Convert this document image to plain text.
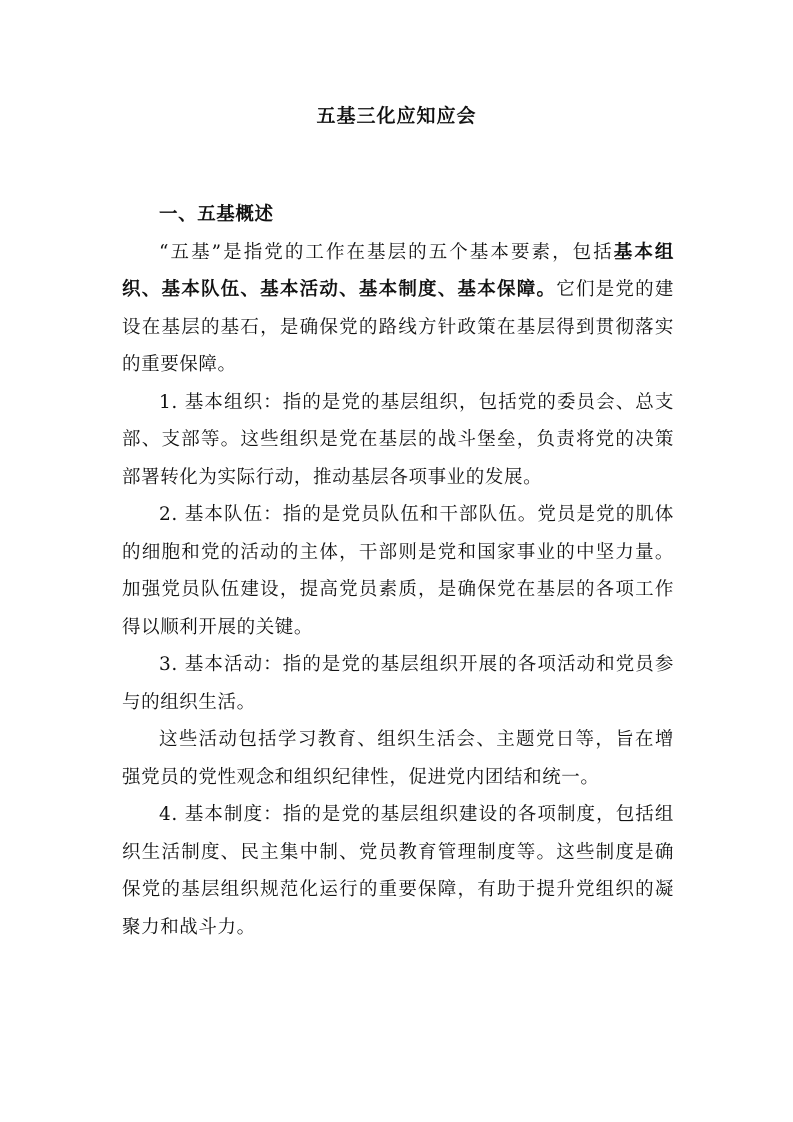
五基三化应知应会

一、五基概述

“五基”是指党的工作在基层的五个基本要素，包括基本组织、基本队伍、基本活动、基本制度、基本保障。它们是党的建设在基层的基石，是确保党的路线方针政策在基层得到贯彻落实的重要保障。

1. 基本组织：指的是党的基层组织，包括党的委员会、总支部、支部等。这些组织是党在基层的战斗堡垒，负责将党的决策部署转化为实际行动，推动基层各项事业的发展。

2. 基本队伍：指的是党员队伍和干部队伍。党员是党的肌体的细胞和党的活动的主体，干部则是党和国家事业的中坚力量。加强党员队伍建设，提高党员素质，是确保党在基层的各项工作得以顺利开展的关键。

3. 基本活动：指的是党的基层组织开展的各项活动和党员参与的组织生活。

这些活动包括学习教育、组织生活会、主题党日等，旨在增强党员的党性观念和组织纪律性，促进党内团结和统一。

4. 基本制度：指的是党的基层组织建设的各项制度，包括组织生活制度、民主集中制、党员教育管理制度等。这些制度是确保党的基层组织规范化运行的重要保障，有助于提升党组织的凝聚力和战斗力。
